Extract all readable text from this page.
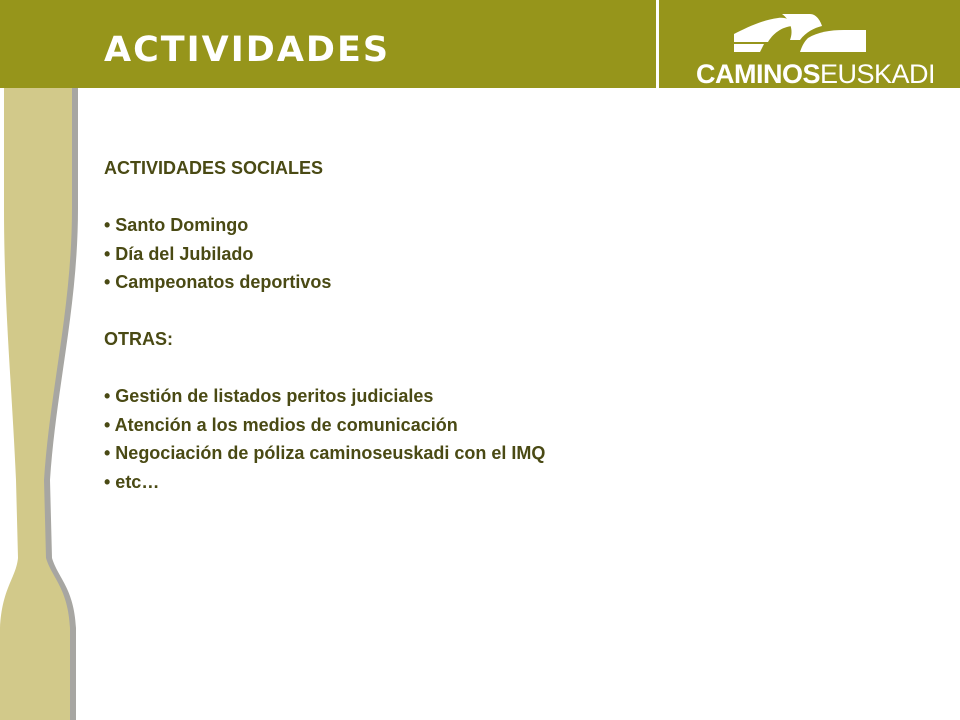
ACTIVIDADES
CAMINOSEUSKADI

ACTIVIDADES SOCIALES

• Santo Domingo

• Día del Jubilado

• Campeonatos deportivos

OTRAS:

• Gestión de listados peritos judiciales

• Atención a los medios de comunicación

• Negociación de póliza caminoseuskadi con el IMQ

• etc…
